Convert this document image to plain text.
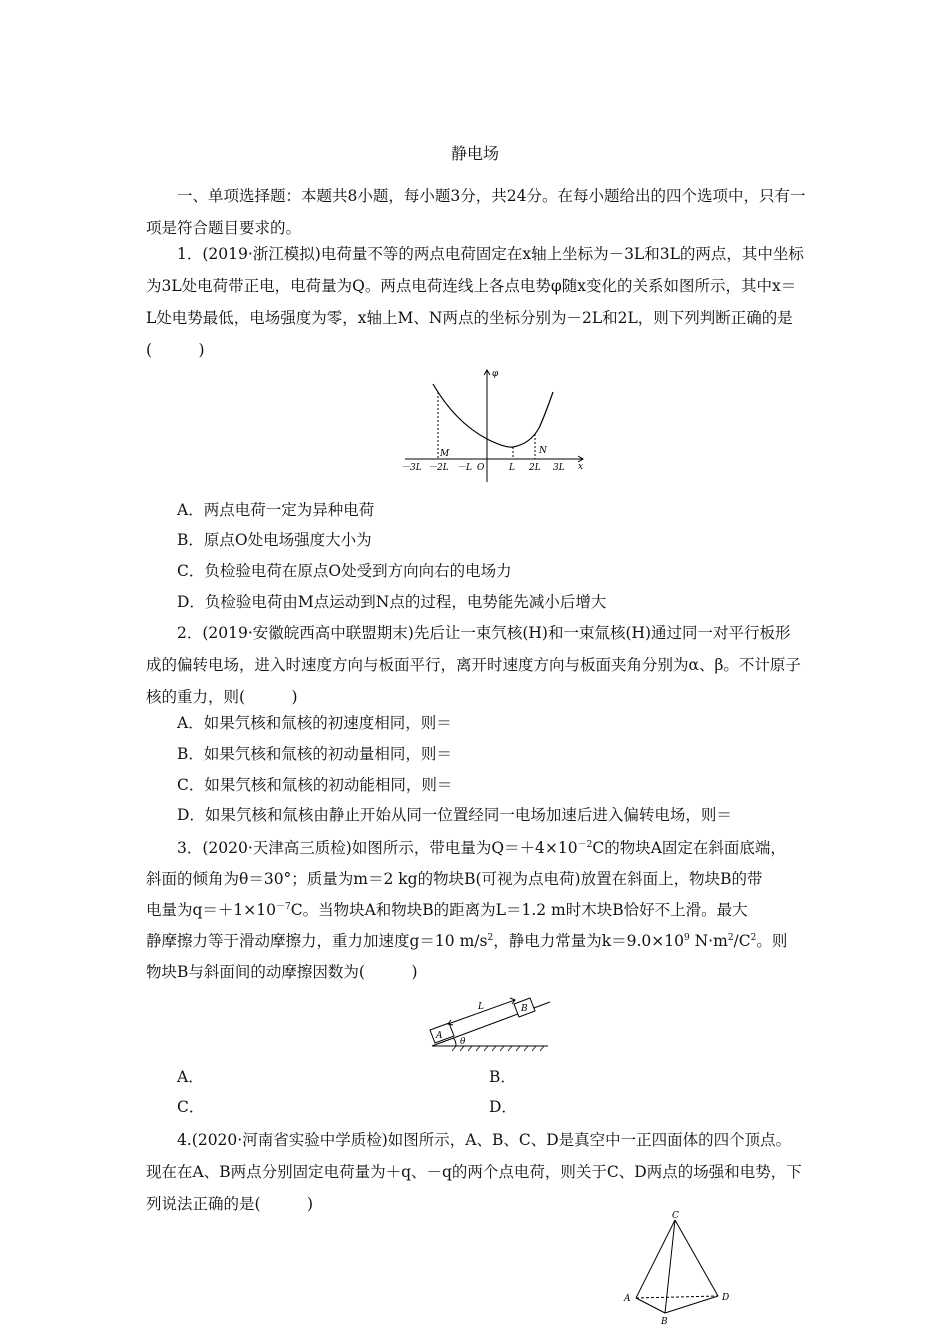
静电场

一、单项选择题：本题共8小题，每小题3分，共24分。在每小题给出的四个选项中，只有一项是符合题目要求的。

1．(2019·浙江模拟)电荷量不等的两点电荷固定在x轴上坐标为－3L和3L的两点，其中坐标为3L处电荷带正电，电荷量为Q。两点电荷连线上各点电势φ随x变化的关系如图所示，其中x＝L处电势最低，电场强度为零，x轴上M、N两点的坐标分别为－2L和2L，则下列判断正确的是(　　　)

φ
x
M	N
－3L －2L －L O	L 2L 3L
A．两点电荷一定为异种电荷
B．原点O处电场强度大小为
C．负检验电荷在原点O处受到方向向右的电场力
D．负检验电荷由M点运动到N点的过程，电势能先减小后增大

2．(2019·安徽皖西高中联盟期末)先后让一束氕核(H)和一束氚核(H)通过同一对平行板形成的偏转电场，进入时速度方向与板面平行，离开时速度方向与板面夹角分别为α、β。不计原子核的重力，则(　　　)

A．如果氕核和氚核的初速度相同，则＝
B．如果氕核和氚核的初动量相同，则＝
C．如果氕核和氚核的初动能相同，则＝
D．如果氕核和氚核由静止开始从同一位置经同一电场加速后进入偏转电场，则＝
3．(2020·天津高三质检)如图所示，带电量为$Q=+4\times 10^{-2}C$的物块A固定在斜面底端，
斜面的倾角为θ＝30°；质量为m＝2 kg的物块B(可视为点电荷)放置在斜面上，物块B的带
电量为$q=+1\times 10^{-7}C$。当物块A和物块B的距离为L＝1.2 m时木块B恰好不上滑。最大
静摩擦力等于滑动摩擦力，重力加速度g＝10 $m/s^2$，静电力常量为$k=9.0\times 10^9$ $N\cdot m^2/C^2$。则
物块B与斜面间的动摩擦因数为(　　　)
A
B
L
θ
A．	B．
C．	D．

4.(2020·河南省实验中学质检)如图所示，A、B、C、D是真空中一正四面体的四个顶点。现在在A、B两点分别固定电荷量为＋q、－q的两个点电荷，则关于C、D两点的场强和电势，下列说法正确的是(　　　)

C
A	D
B
